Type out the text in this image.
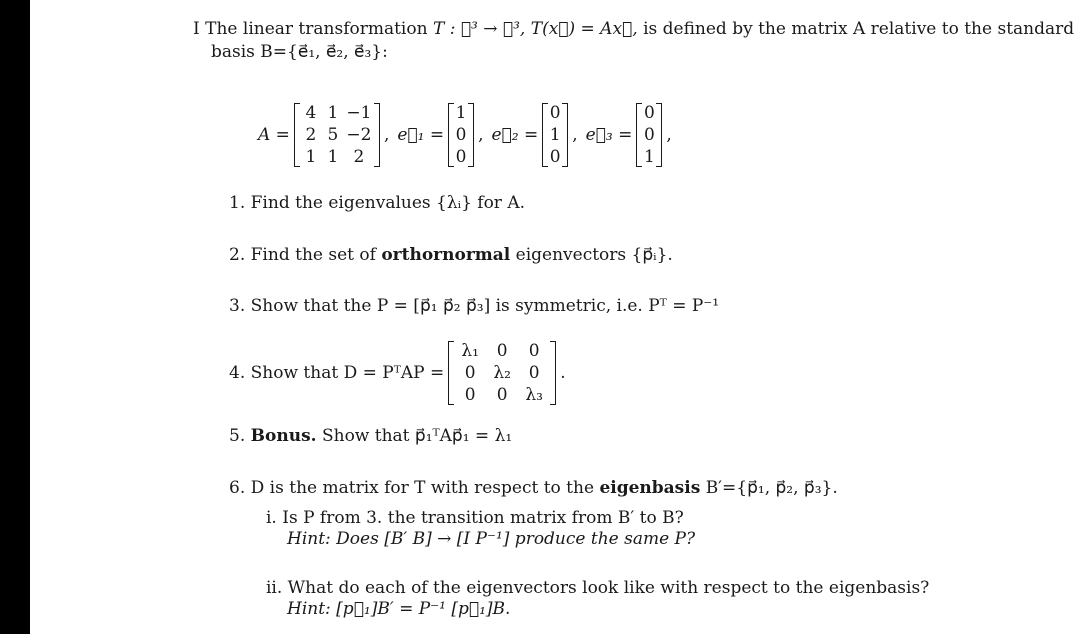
I The linear transformation T : ℜ³ → ℜ³, T(x⃗) = Ax⃗, is defined by the matrix A relative to the standard
basis B={e⃗₁, e⃗₂, e⃗₃}:
A =
4 1 −1
2 5 −2
1 1 2
, e⃗₁ =
1
0
0
, e⃗₂ =
0
1
0
, e⃗₃ =
0
0
1
,
1. Find the eigenvalues {λᵢ} for A.
2. Find the set of orthornormal eigenvectors {p⃗ᵢ}.
3. Show that the P = [p⃗₁ p⃗₂ p⃗₃] is symmetric, i.e. Pᵀ = P⁻¹
4.
Show that D = PᵀAP =
λ₁	0	0
0	λ₂	0
0	0	λ₃
.
5. Bonus. Show that p⃗₁ᵀAp⃗₁ = λ₁
6. D is the matrix for T with respect to the eigenbasis B′={p⃗₁, p⃗₂, p⃗₃}.
i. Is P from 3. the transition matrix from B′ to B?
Hint: Does [B′ B] → [I P⁻¹] produce the same P?
ii. What do each of the eigenvectors look like with respect to the eigenbasis?
Hint: [p⃗₁]B′ = P⁻¹ [p⃗₁]B.
